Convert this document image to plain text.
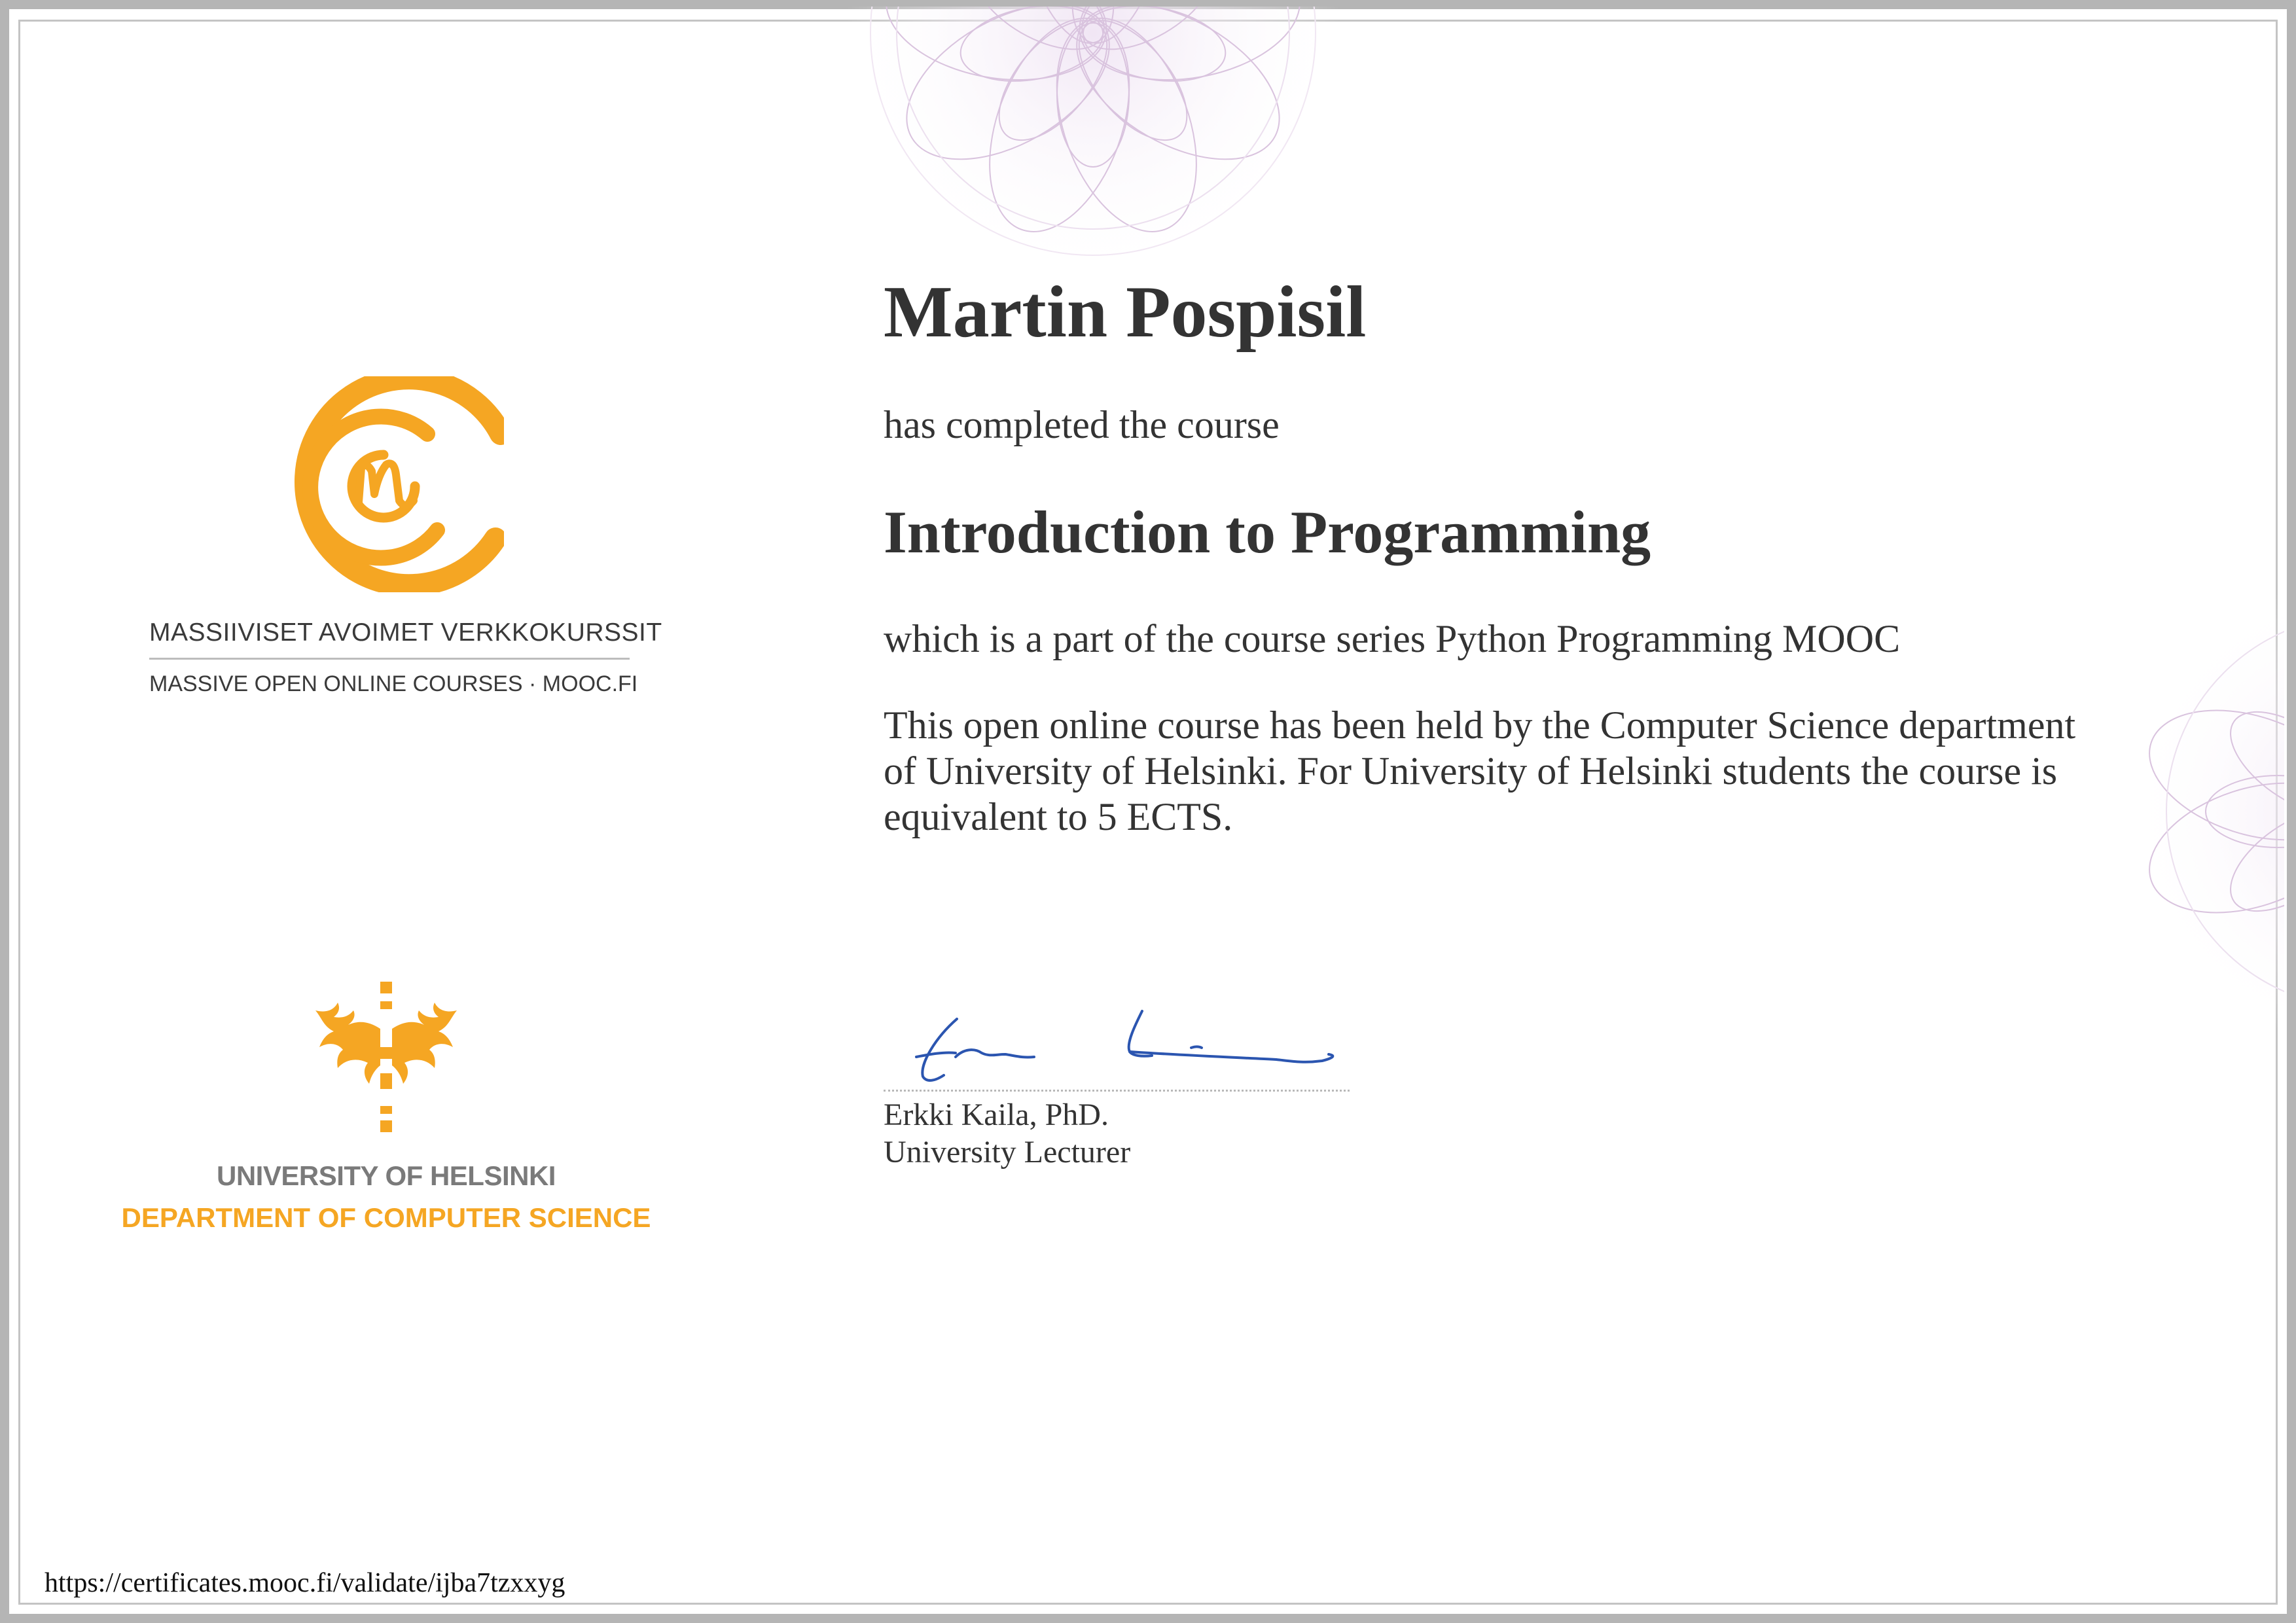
MASSIIVISET AVOIMET VERKKOKURSSIT
MASSIVE OPEN ONLINE COURSES · MOOC.FI
UNIVERSITY OF HELSINKI
DEPARTMENT OF COMPUTER SCIENCE
Martin Pospisil
has completed the course
Introduction to Programming
which is a part of the course series Python Programming MOOC
This open online course has been held by the Computer Science department of University of Helsinki. For University of Helsinki students the course is equivalent to 5 ECTS.
Erkki Kaila, PhD.
University Lecturer
https://certificates.mooc.fi/validate/ijba7tzxxyg
